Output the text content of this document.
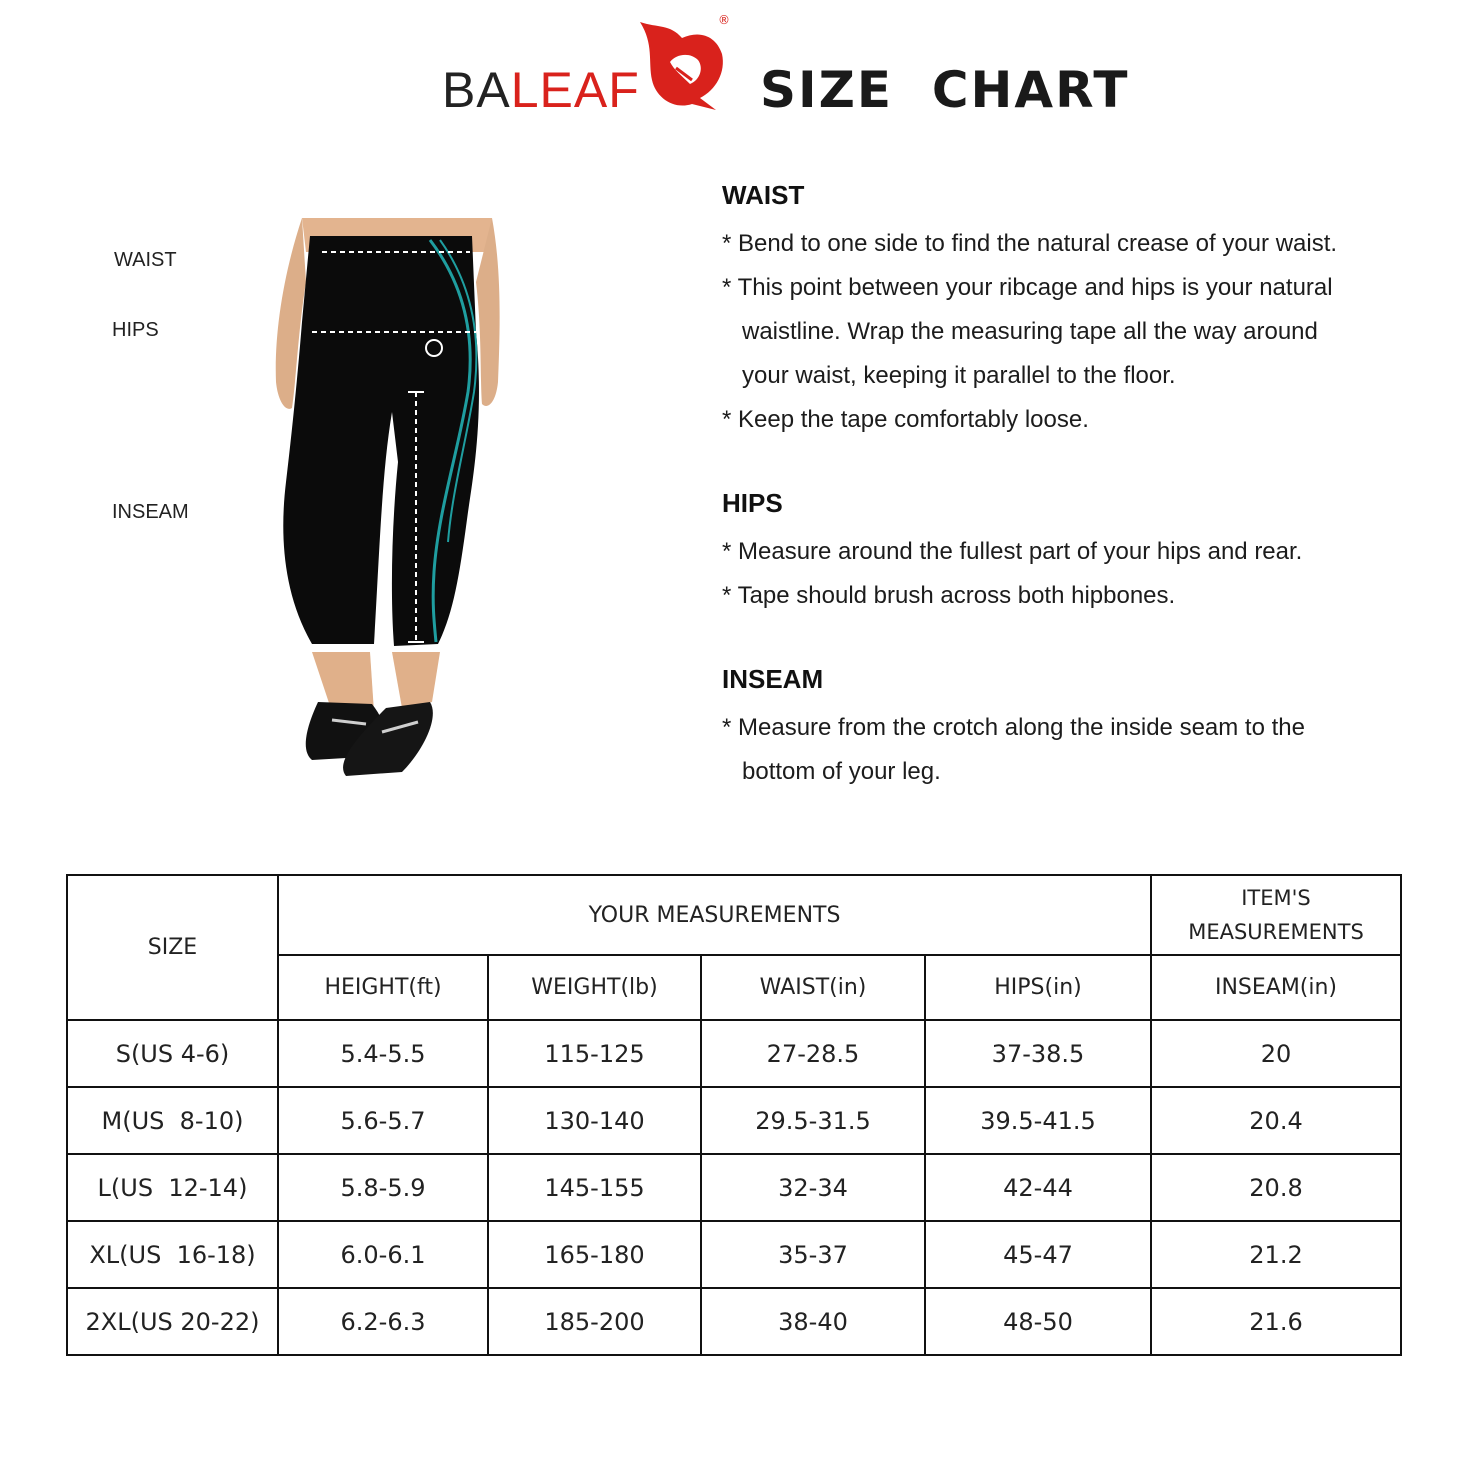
BALEAF
®
SIZE  CHART
WAIST
HIPS
INSEAM
WAIST
* Bend to one side to find the natural crease of your waist.
* This point between your ribcage and hips is your natural
waistline. Wrap the measuring tape all the way around
your waist, keeping it parallel to the floor.
* Keep the tape comfortably loose.
HIPS
* Measure around the fullest part of your hips and rear.
* Tape should brush across both hipbones.
INSEAM
* Measure from the crotch along the inside seam to the
bottom of your leg.
SIZE	YOUR MEASUREMENTS				ITEM'S
MEASUREMENTS

	HEIGHT(ft)	WEIGHT(lb)	WAIST(in)	HIPS(in)	INSEAM(in)
S(US 4-6)	5.4-5.5	115-125	27-28.5	37-38.5	20
M(US  8-10)	5.6-5.7	130-140	29.5-31.5	39.5-41.5	20.4
L(US  12-14)	5.8-5.9	145-155	32-34	42-44	20.8
XL(US  16-18)	6.0-6.1	165-180	35-37	45-47	21.2
2XL(US 20-22)	6.2-6.3	185-200	38-40	48-50	21.6
